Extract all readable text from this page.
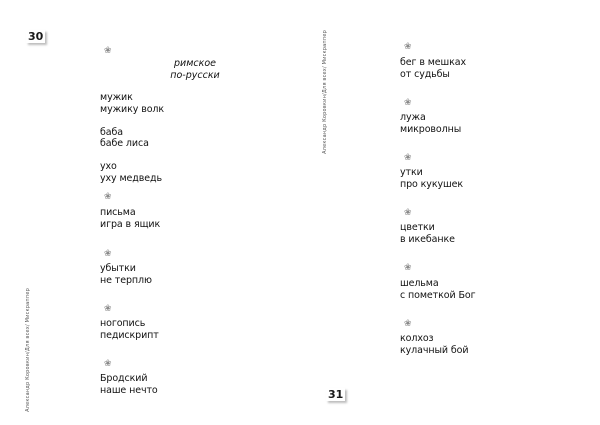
30
Александр Коровкин/Для всех/ Мискраппер
❀
римское
по-русски
мужик
мужику волк
баба
бабе лиса
ухо
уху медведь
❀
письма
игра в ящик
❀
убытки
не терплю
❀
ногопись
педискрипт
❀
Бродский
наше нечто
Александр Коровкин/Для всех/ Мискраппер
31
❀
бег в мешках
от судьбы
❀
лужа
микроволны
❀
утки
про кукушек
❀
цветки
в икебанке
❀
шельма
с пометкой Бог
❀
колхоз
кулачный бой
